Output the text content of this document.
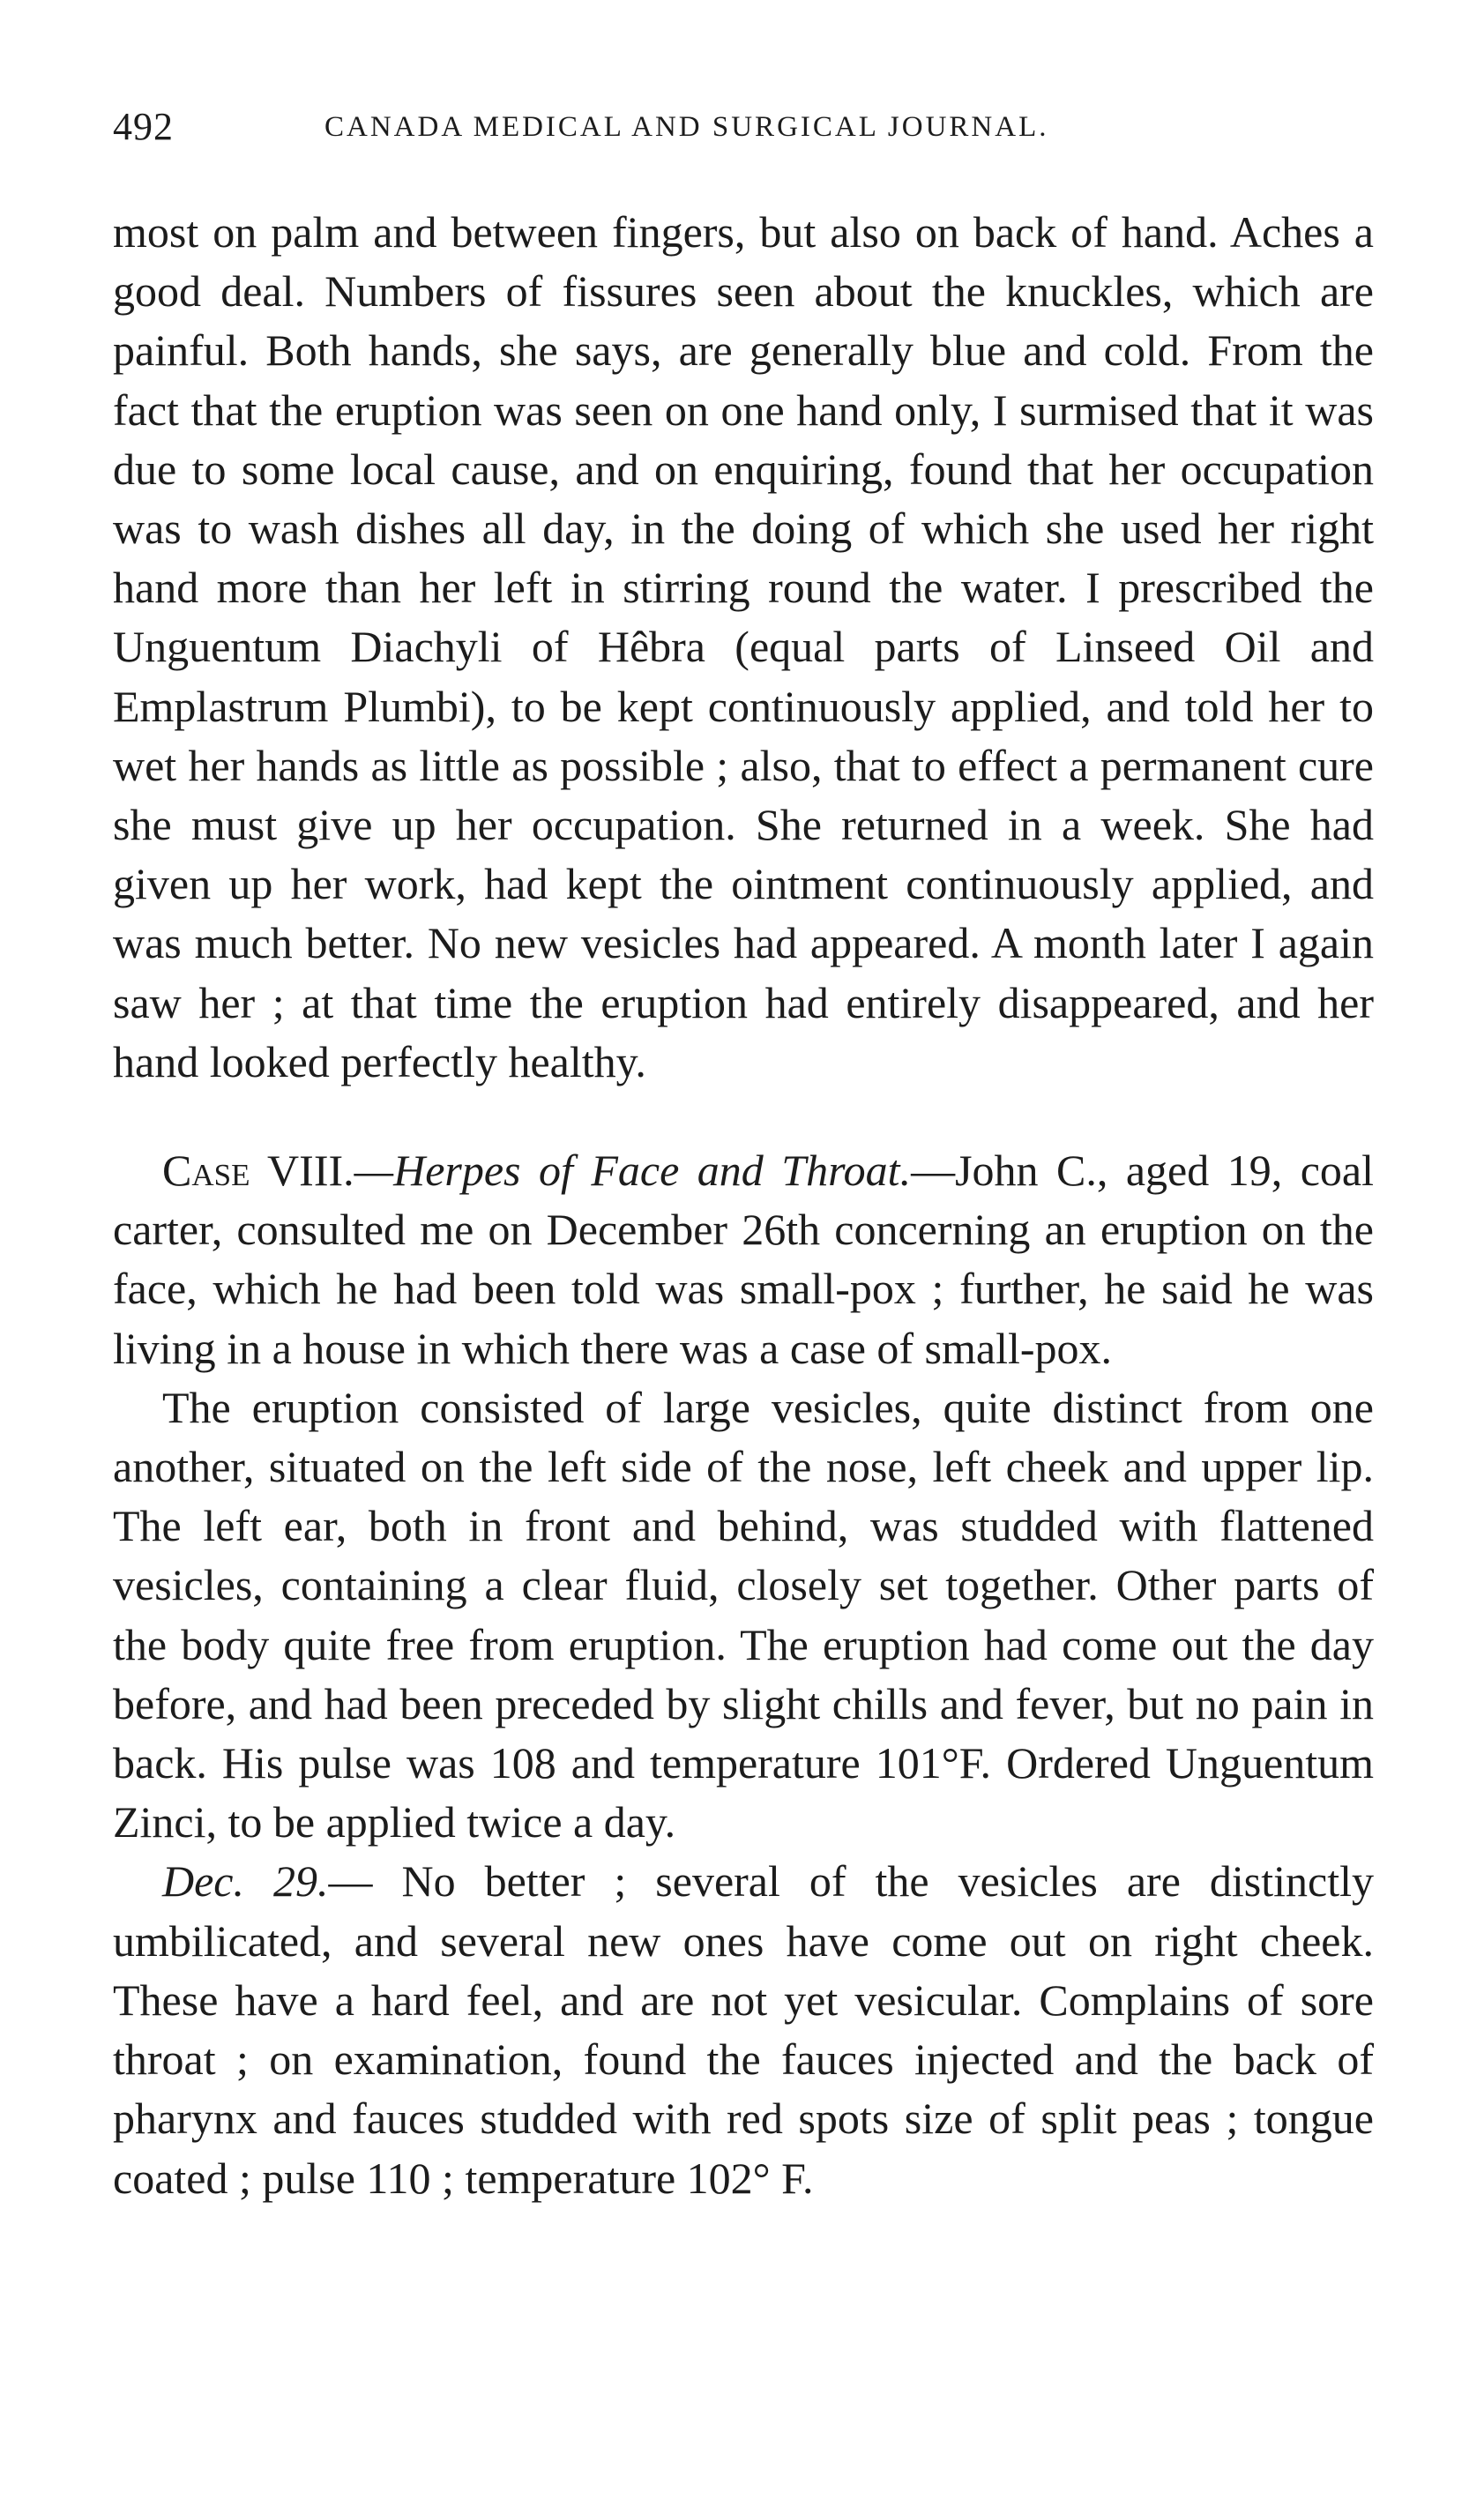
492	CANADA MEDICAL AND SURGICAL JOURNAL.

most on palm and between fingers, but also on back of hand. Aches a good deal. Numbers of fissures seen about the knuckles, which are painful. Both hands, she says, are generally blue and cold. From the fact that the eruption was seen on one hand only, I surmised that it was due to some local cause, and on enquiring, found that her occupation was to wash dishes all day, in the doing of which she used her right hand more than her left in stirring round the water. I prescribed the Unguentum Diachyli of Hêbra (equal parts of Linseed Oil and Emplastrum Plumbi), to be kept continuously applied, and told her to wet her hands as little as possible ; also, that to effect a permanent cure she must give up her occupation. She returned in a week. She had given up her work, had kept the ointment continuously applied, and was much better. No new vesicles had appeared. A month later I again saw her ; at that time the eruption had entirely disappeared, and her hand looked perfectly healthy.

Case VIII.—Herpes of Face and Throat.—John C., aged 19, coal carter, consulted me on December 26th concerning an eruption on the face, which he had been told was small-pox ; further, he said he was living in a house in which there was a case of small-pox.

The eruption consisted of large vesicles, quite distinct from one another, situated on the left side of the nose, left cheek and upper lip. The left ear, both in front and behind, was studded with flattened vesicles, containing a clear fluid, closely set together. Other parts of the body quite free from eruption. The eruption had come out the day before, and had been preceded by slight chills and fever, but no pain in back. His pulse was 108 and temperature 101°F. Ordered Unguentum Zinci, to be applied twice a day.

Dec. 29.— No better ; several of the vesicles are distinctly umbilicated, and several new ones have come out on right cheek. These have a hard feel, and are not yet vesicular. Complains of sore throat ; on examination, found the fauces injected and the back of pharynx and fauces studded with red spots size of split peas ; tongue coated ; pulse 110 ; temperature 102° F.
